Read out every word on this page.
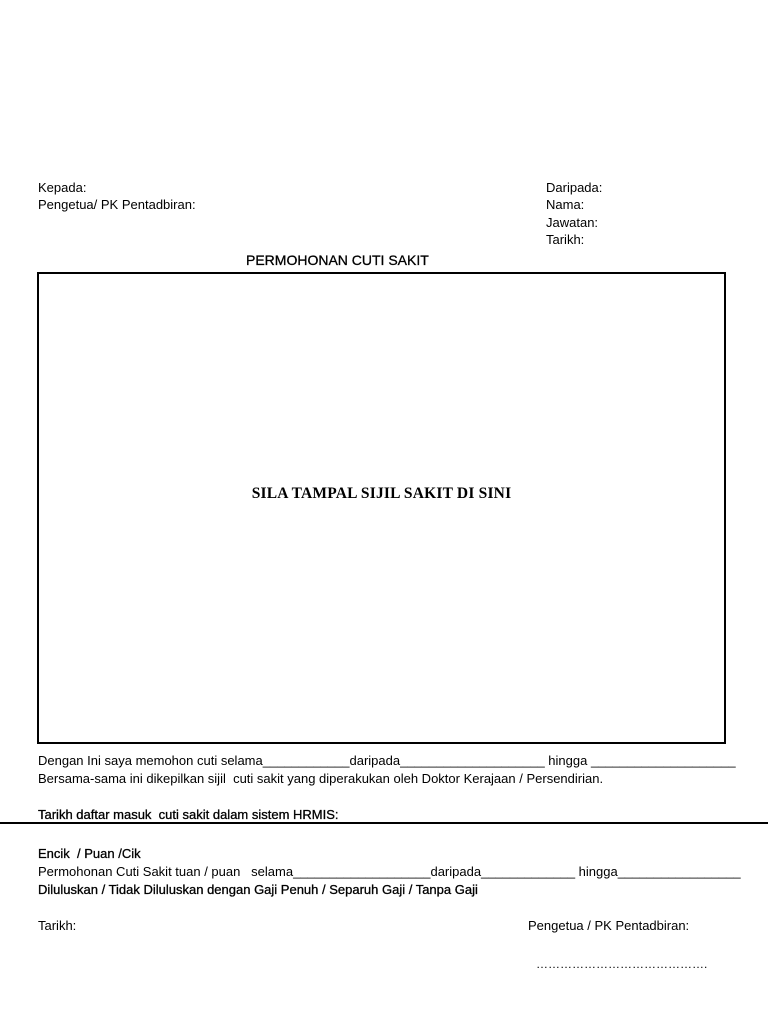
Kepada:
Pengetua/ PK Pentadbiran:
Daripada:
Nama:
Jawatan:
Tarikh:
PERMOHONAN CUTI SAKIT
SILA TAMPAL SIJIL SAKIT DI SINI
Dengan Ini saya memohon cuti selama____________daripada____________________ hingga ____________________
Bersama-sama ini dikepilkan sijil  cuti sakit yang diperakukan oleh Doktor Kerajaan / Persendirian.
Tarikh daftar masuk  cuti sakit dalam sistem HRMIS:
Encik  / Puan /Cik
Permohonan Cuti Sakit tuan / puan   selama___________________daripada_____________ hingga_________________
Diluluskan / Tidak Diluluskan dengan Gaji Penuh / Separuh Gaji / Tanpa Gaji
Tarikh:	Pengetua / PK Pentadbiran:
…………………………………….
